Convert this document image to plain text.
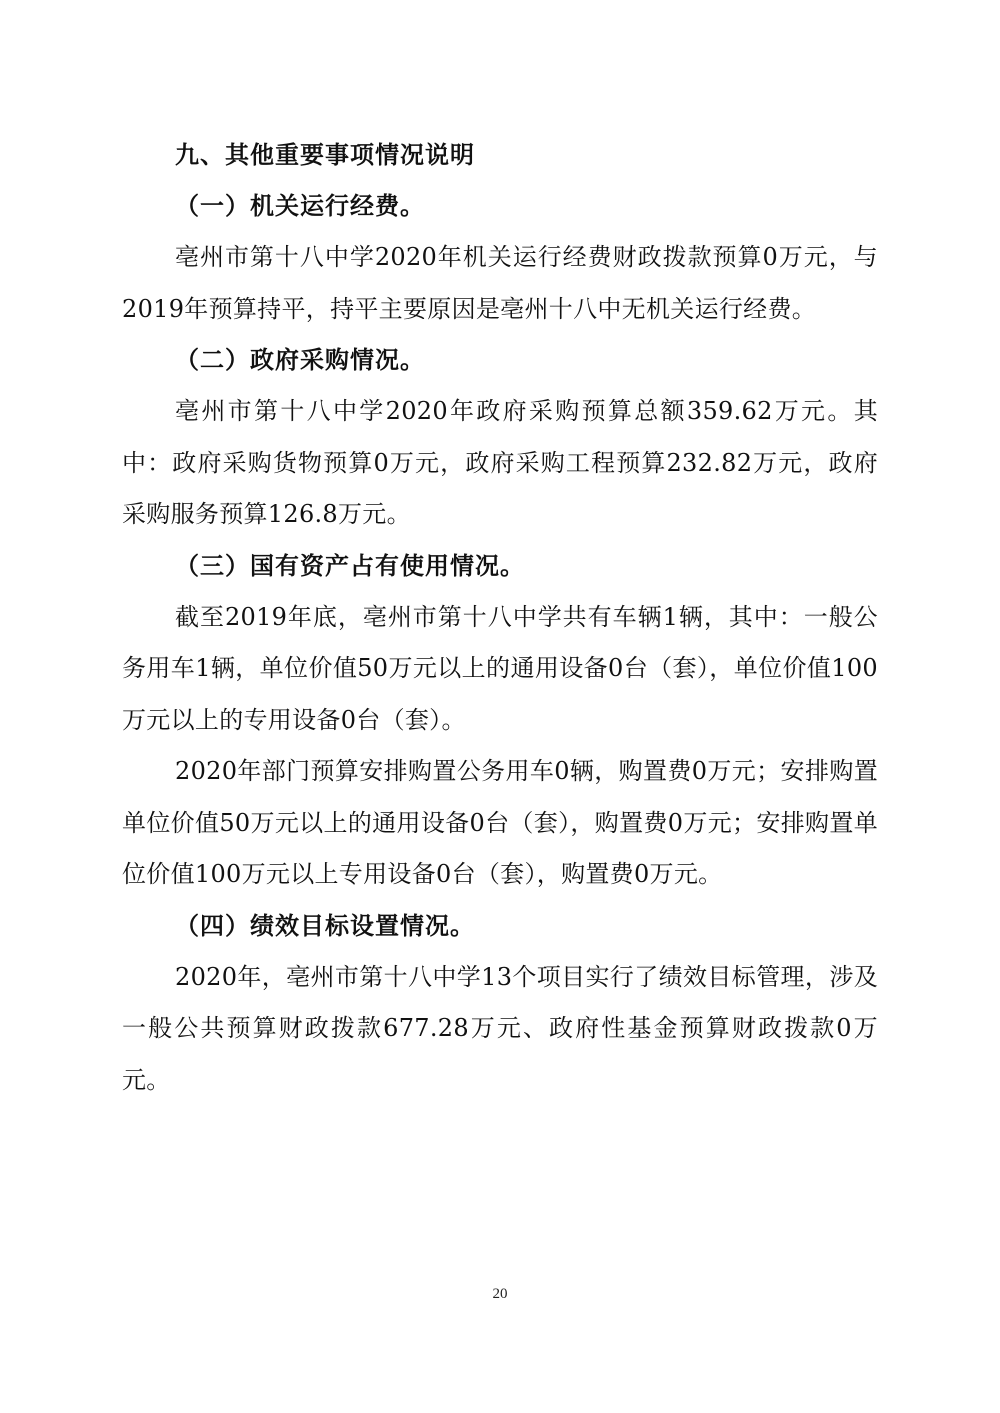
九、其他重要事项情况说明
（一）机关运行经费。

亳州市第十八中学2020年机关运行经费财政拨款预算0万元，与2019年预算持平，持平主要原因是亳州十八中无机关运行经费。

（二）政府采购情况。

亳州市第十八中学2020年政府采购预算总额359.62万元。其中：政府采购货物预算0万元，政府采购工程预算232.82万元，政府采购服务预算126.8万元。

（三）国有资产占有使用情况。

截至2019年底，亳州市第十八中学共有车辆1辆，其中：一般公务用车1辆，单位价值50万元以上的通用设备0台（套），单位价值100万元以上的专用设备0台（套）。

2020年部门预算安排购置公务用车0辆，购置费0万元；安排购置单位价值50万元以上的通用设备0台（套），购置费0万元；安排购置单位价值100万元以上专用设备0台（套），购置费0万元。

（四）绩效目标设置情况。

2020年，亳州市第十八中学13个项目实行了绩效目标管理，涉及一般公共预算财政拨款677.28万元、政府性基金预算财政拨款0万元。

20
